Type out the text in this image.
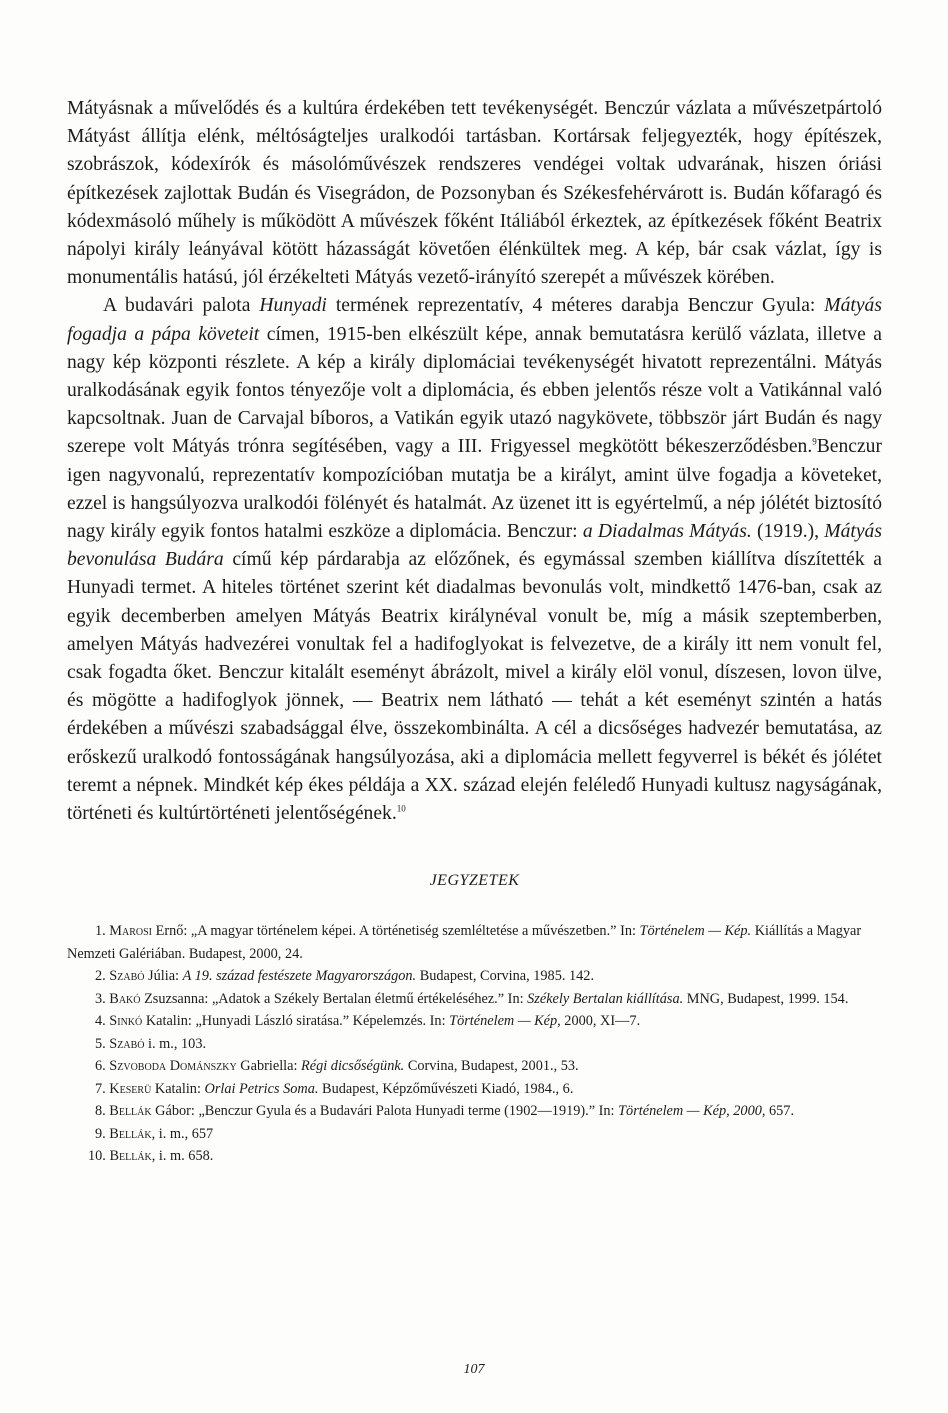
Mátyásnak a művelődés és a kultúra érdekében tett tevékenységét. Benczúr vázlata a művészetpártoló Mátyást állítja elénk, méltóságteljes uralkodói tartásban. Kortársak feljegyezték, hogy építészek, szobrászok, kódexírók és másolóművészek rendszeres vendégei voltak udvarának, hiszen óriási építkezések zajlottak Budán és Visegrádon, de Pozsonyban és Székesfehérvárott is. Budán kőfaragó és kódexmásoló műhely is működött A művészek főként Itáliából érkeztek, az építkezések főként Beatrix nápolyi király leányával kötött házasságát követően élénkültek meg. A kép, bár csak vázlat, így is monumentális hatású, jól érzékelteti Mátyás vezető-irányító szerepét a művészek körében.

A budavári palota Hunyadi termének reprezentatív, 4 méteres darabja Benczur Gyula: Mátyás fogadja a pápa követeit címen, 1915-ben elkészült képe, annak bemutatásra kerülő vázlata, illetve a nagy kép központi részlete. A kép a király diplomáciai tevékenységét hivatott reprezentálni. Mátyás uralkodásának egyik fontos tényezője volt a diplomácia, és ebben jelentős része volt a Vatikánnal való kapcsoltnak. Juan de Carvajal bíboros, a Vatikán egyik utazó nagykövete, többször járt Budán és nagy szerepe volt Mátyás trónra segítésében, vagy a III. Frigyessel megkötött békeszerződésben.$^9$Benczur igen nagyvonalú, reprezentatív kompozícióban mutatja be a királyt, amint ülve fogadja a követeket, ezzel is hangsúlyozva uralkodói fölényét és hatalmát. Az üzenet itt is egyértelmű, a nép jólétét biztosító nagy király egyik fontos hatalmi eszköze a diplomácia. Benczur: a Diadalmas Mátyás. (1919.), Mátyás bevonulása Budára című kép párdarabja az előzőnek, és egymással szemben kiállítva díszítették a Hunyadi termet. A hiteles történet szerint két diadalmas bevonulás volt, mindkettő 1476-ban, csak az egyik decemberben amelyen Mátyás Beatrix királynéval vonult be, míg a másik szeptemberben, amelyen Mátyás hadvezérei vonultak fel a hadifoglyokat is felvezetve, de a király itt nem vonult fel, csak fogadta őket. Benczur kitalált eseményt ábrázolt, mivel a király elöl vonul, díszesen, lovon ülve, és mögötte a hadifoglyok jönnek, — Beatrix nem látható — tehát a két eseményt szintén a hatás érdekében a művészi szabadsággal élve, összekombinálta. A cél a dicsőséges hadvezér bemutatása, az erőskezű uralkodó fontosságának hangsúlyozása, aki a diplomácia mellett fegyverrel is békét és jólétet teremt a népnek. Mindkét kép ékes példája a XX. század elején feléledő Hunyadi kultusz nagyságának, történeti és kultúrtörténeti jelentőségének.$^{10}$

JEGYZETEK

1. Marosi Ernő: „A magyar történelem képei. A történetiség szemléltetése a művészetben.” In: Történelem — Kép. Kiállítás a Magyar Nemzeti Galériában. Budapest, 2000, 24.

2. Szabó Júlia: A 19. század festészete Magyarországon. Budapest, Corvina, 1985. 142.

3. Bakó Zsuzsanna: „Adatok a Székely Bertalan életmű értékeléséhez.” In: Székely Bertalan kiállítása. MNG, Budapest, 1999. 154.

4. Sinkó Katalin: „Hunyadi László siratása.” Képelemzés. In: Történelem — Kép, 2000, XI—7.

5. Szabó i. m., 103.

6. Szvoboda Dománszky Gabriella: Régi dicsőségünk. Corvina, Budapest, 2001., 53.

7. Keserü Katalin: Orlai Petrics Soma. Budapest, Képzőművészeti Kiadó, 1984., 6.

8. Bellák Gábor: „Benczur Gyula és a Budavári Palota Hunyadi terme (1902—1919).” In: Történelem — Kép, 2000, 657.

9. Bellák, i. m., 657

10. Bellák, i. m. 658.

107
